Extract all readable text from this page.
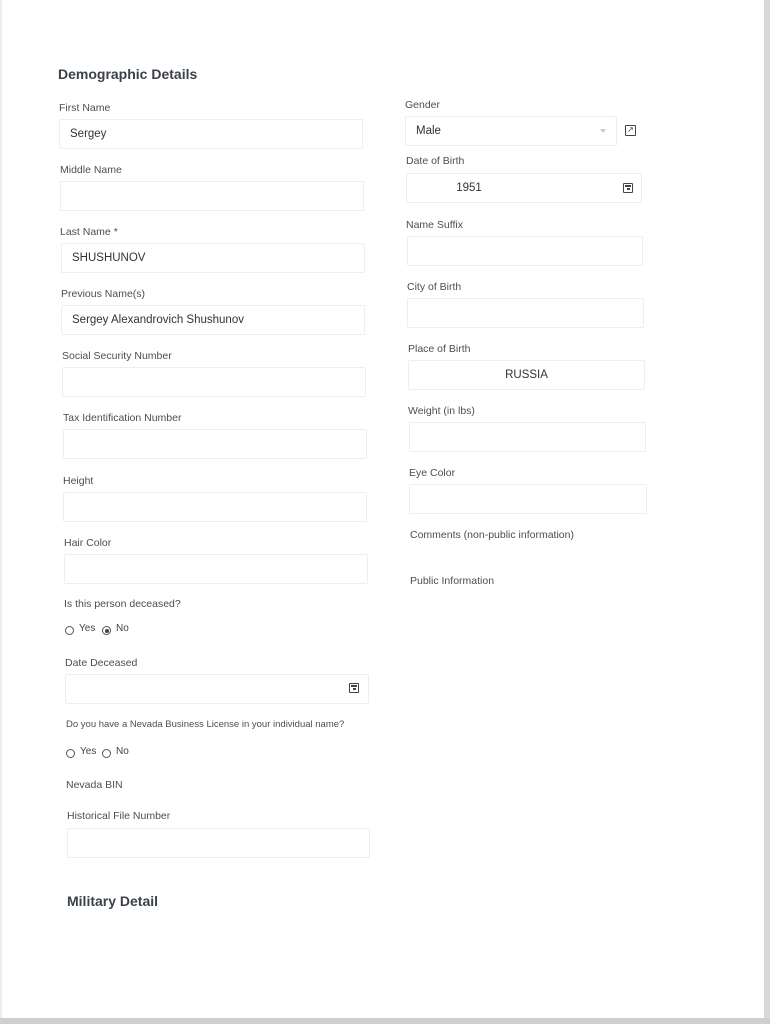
Demographic Details
First Name
Sergey
Middle Name
Last Name *
SHUSHUNOV
Previous Name(s)
Sergey Alexandrovich Shushunov
Social Security Number
Tax Identification Number
Height
Hair Color
Is this person deceased?
Yes No
Date Deceased
Do you have a Nevada Business License in your individual name?
Yes No
Nevada BIN
Historical File Number
Military Detail
Gender
Male	↗
Date of Birth
1951
Name Suffix
City of Birth
Place of Birth
RUSSIA
Weight (in lbs)
Eye Color
Comments (non-public information)
Public Information
